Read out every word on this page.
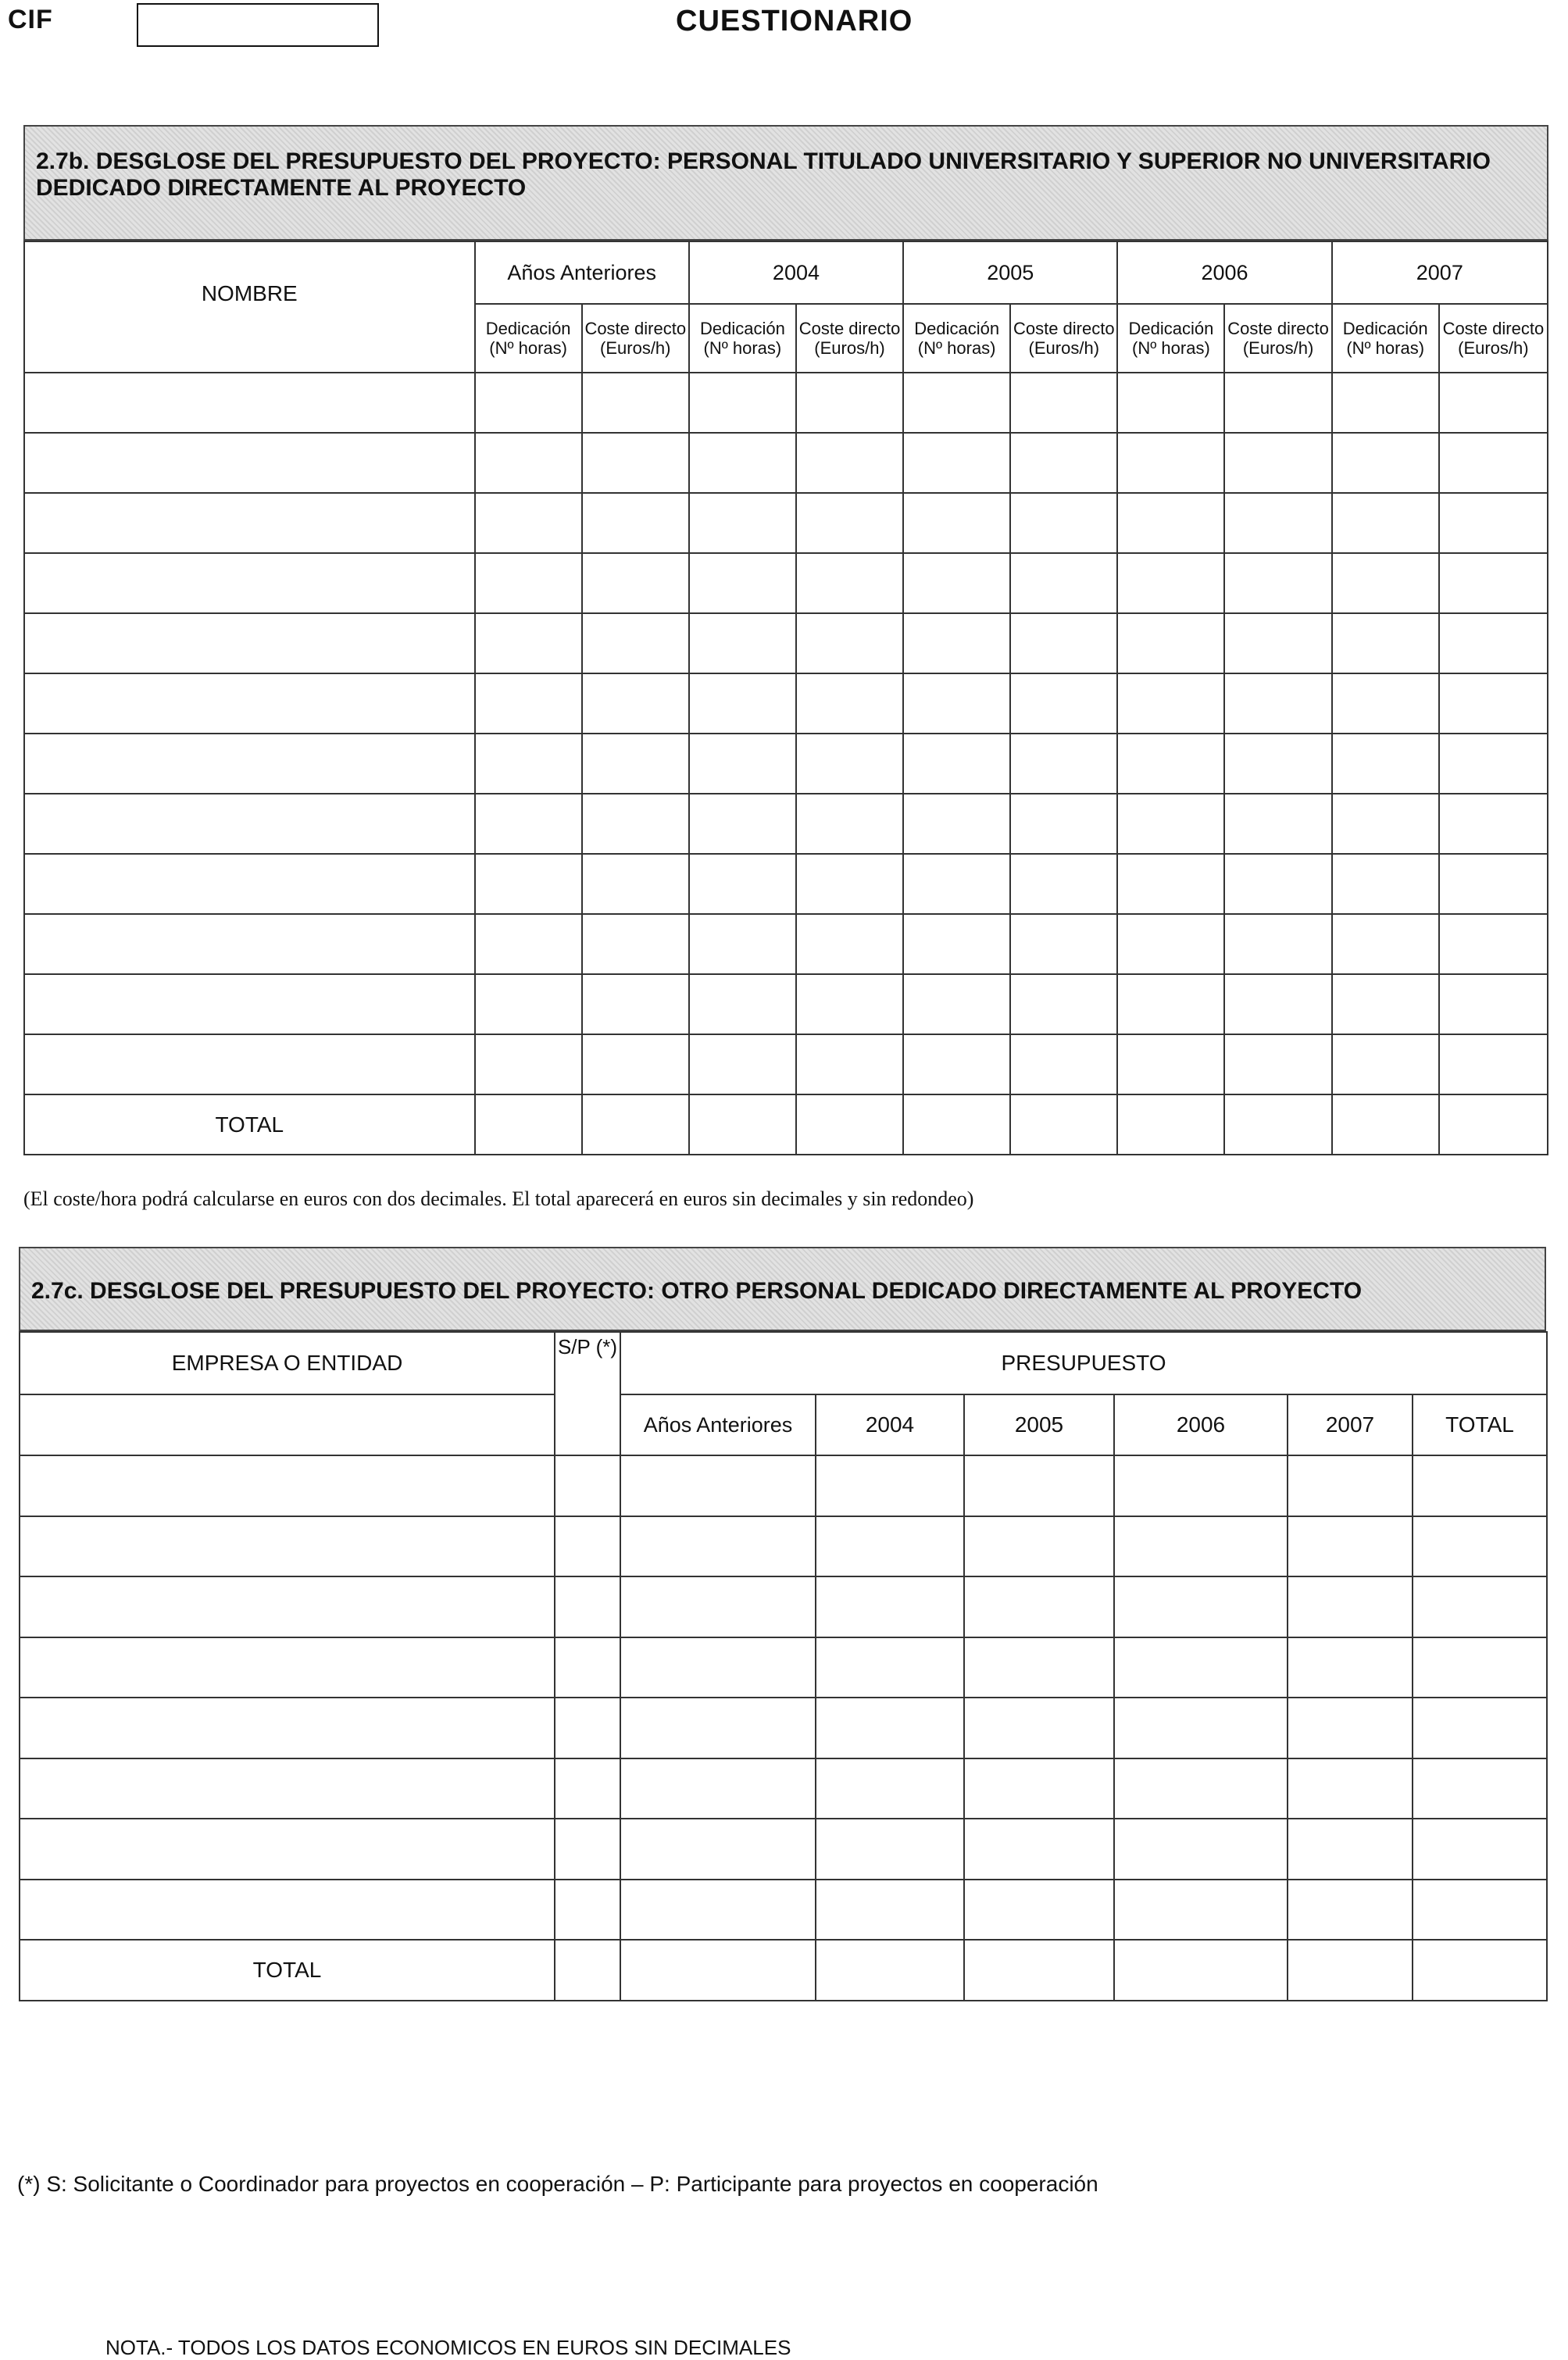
CIF	CUESTIONARIO
2.7b. DESGLOSE DEL PRESUPUESTO DEL PROYECTO: PERSONAL TITULADO UNIVERSITARIO Y SUPERIOR NO UNIVERSITARIO DEDICADO DIRECTAMENTE AL PROYECTO
NOMBRE	Años Anteriores		2004		2005		2006		2007	
	Dedicación (Nº horas)	Coste directo (Euros/h)	Dedicación (Nº horas)	Coste directo (Euros/h)	Dedicación (Nº horas)	Coste directo (Euros/h)	Dedicación (Nº horas)	Coste directo (Euros/h)	Dedicación (Nº horas)	Coste directo (Euros/h)

TOTAL										
(El coste/hora podrá calcularse en euros con dos decimales. El total aparecerá en euros sin decimales y sin redondeo)
2.7c. DESGLOSE DEL PRESUPUESTO DEL PROYECTO: OTRO PERSONAL DEDICADO DIRECTAMENTE AL PROYECTO
EMPRESA O ENTIDAD	S/P (*)	PRESUPUESTO					
		Años Anteriores	2004	2005	2006	2007	TOTAL

TOTAL							
(*) S: Solicitante o Coordinador para proyectos en cooperación – P: Participante para proyectos en cooperación
NOTA.- TODOS LOS DATOS ECONOMICOS EN EUROS SIN DECIMALES
